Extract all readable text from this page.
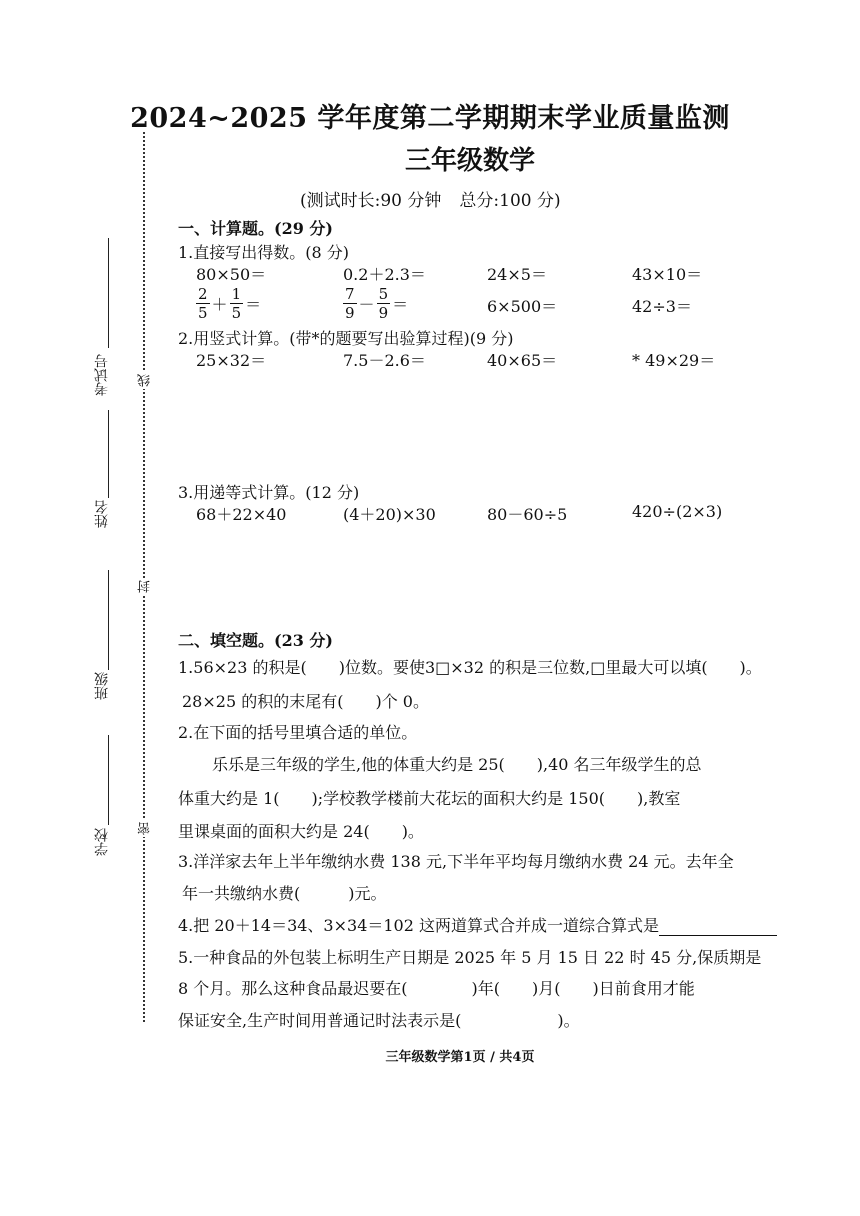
2024~2025 学年度第二学期期末学业质量监测
三年级数学
(测试时长:90 分钟 总分:100 分)
线
封
密
考试号
姓名
班级
学校
一、计算题。(29 分)
1.直接写出得数。(8 分)
80×50＝	0.2＋2.3＝	24×5＝	43×10＝
$\frac{2}{5} + \frac{1}{5}$ ＝	$\frac{7}{9} - \frac{5}{9}$ ＝	6×500＝	42÷3＝
2.用竖式计算。(带*的题要写出验算过程)(9 分)
25×32＝	7.5－2.6＝	40×65＝	* 49×29＝
3.用递等式计算。(12 分)
68＋22×40	(4＋20)×30	80－60÷5	420÷(2×3)
二、填空题。(23 分)
1.56×23 的积是(　　)位数。要使3□×32 的积是三位数,□里最大可以填(　　)。
28×25 的积的末尾有(　　)个 0。
2.在下面的括号里填合适的单位。
乐乐是三年级的学生,他的体重大约是 25(　　),40 名三年级学生的总
体重大约是 1(　　);学校教学楼前大花坛的面积大约是 150(　　),教室
里课桌面的面积大约是 24(　　)。
3.洋洋家去年上半年缴纳水费 138 元,下半年平均每月缴纳水费 24 元。去年全
年一共缴纳水费(　　　)元。
4.把 20＋14＝34、3×34＝102 这两道算式合并成一道综合算式是
5.一种食品的外包装上标明生产日期是 2025 年 5 月 15 日 22 时 45 分,保质期是
8 个月。那么这种食品最迟要在(　　　　)年(　　)月(　　)日前食用才能
保证安全,生产时间用普通记时法表示是(　　　　　　)。
三年级数学第1页 / 共4页
